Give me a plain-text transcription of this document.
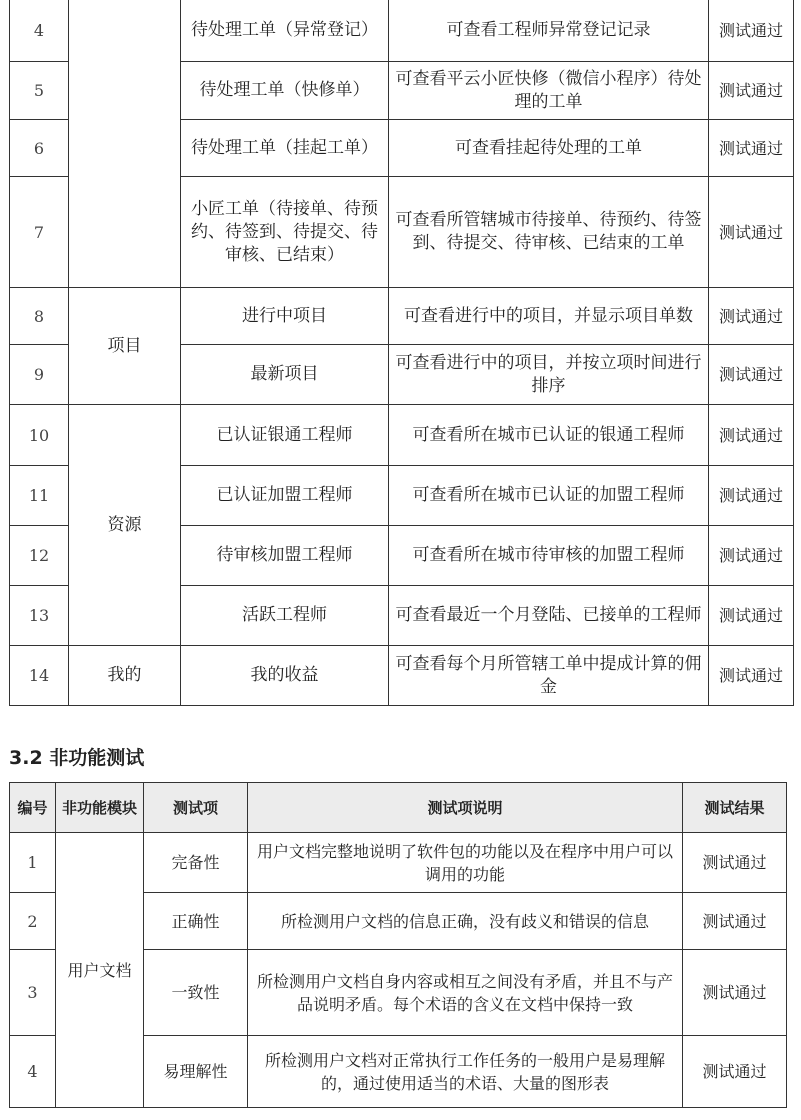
4		待处理工单（异常登记）	可查看工程师异常登记记录	测试通过
5		待处理工单（快修单）	可查看平云小匠快修（微信小程序）待处理的工单	测试通过
6		待处理工单（挂起工单）	可查看挂起待处理的工单	测试通过
7		小匠工单（待接单、待预约、待签到、待提交、待审核、已结束）	可查看所管辖城市待接单、待预约、待签到、待提交、待审核、已结束的工单	测试通过
8	项目	进行中项目	可查看进行中的项目，并显示项目单数	测试通过
9		最新项目	可查看进行中的项目，并按立项时间进行排序	测试通过
10	资源	已认证银通工程师	可查看所在城市已认证的银通工程师	测试通过
11		已认证加盟工程师	可查看所在城市已认证的加盟工程师	测试通过
12		待审核加盟工程师	可查看所在城市待审核的加盟工程师	测试通过
13		活跃工程师	可查看最近一个月登陆、已接单的工程师	测试通过
14	我的	我的收益	可查看每个月所管辖工单中提成计算的佣金	测试通过
3.2 非功能测试
编号	非功能模块	测试项	测试项说明	测试结果
1	用户文档	完备性	用户文档完整地说明了软件包的功能以及在程序中用户可以调用的功能	测试通过
2		正确性	所检测用户文档的信息正确，没有歧义和错误的信息	测试通过
3		一致性	所检测用户文档自身内容或相互之间没有矛盾，并且不与产品说明矛盾。每个术语的含义在文档中保持一致	测试通过
4		易理解性	所检测用户文档对正常执行工作任务的一般用户是易理解的，通过使用适当的术语、大量的图形表	测试通过
